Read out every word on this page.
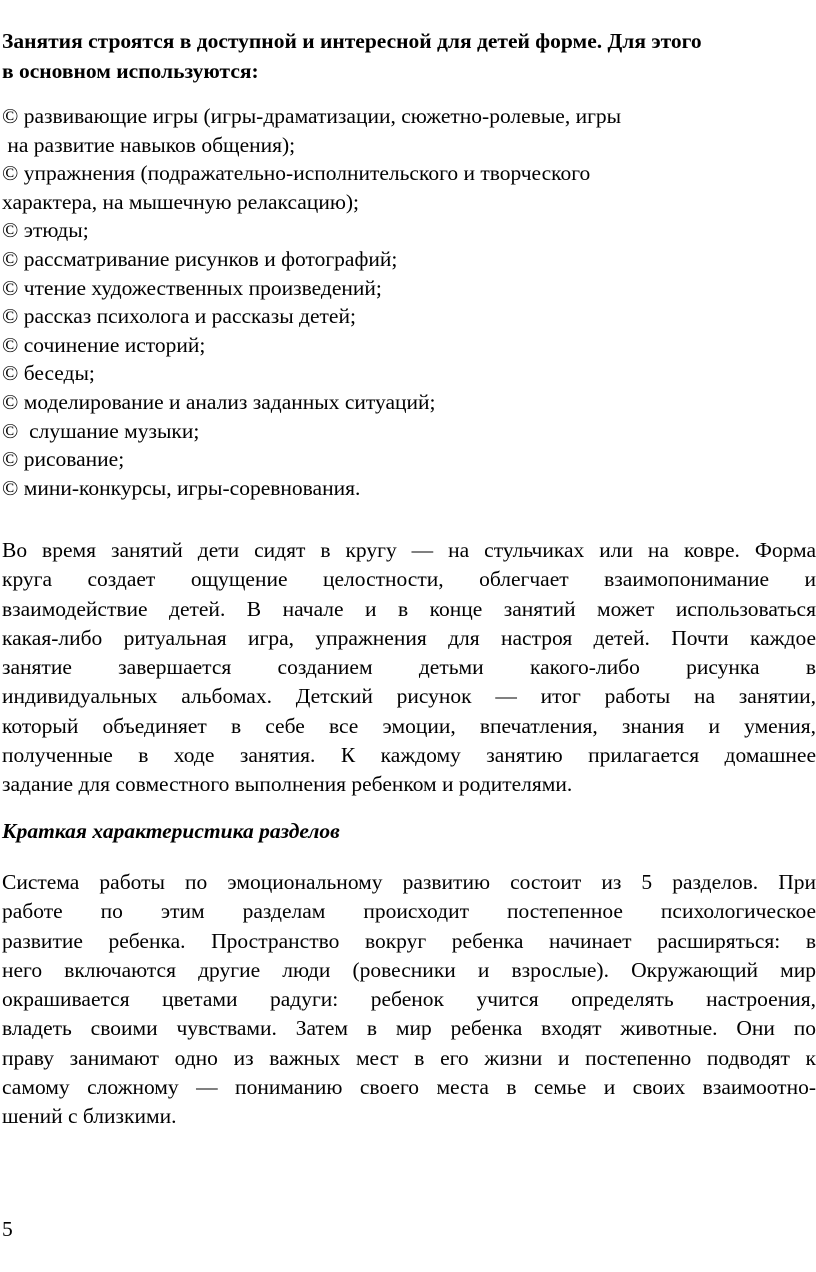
Занятия строятся в доступной и интересной для детей форме. Для этого
в основном используются:
© развивающие игры (игры-драматизации, сюжетно-ролевые, игры
на развитие навыков общения);
© упражнения (подражательно-исполнительского и творческого
характера, на мышечную релаксацию);
© этюды;
© рассматривание рисунков и фотографий;
© чтение художественных произведений;
© рассказ психолога и рассказы детей;
© сочинение историй;
© беседы;
© моделирование и анализ заданных ситуаций;
©  слушание музыки;
© рисование;
© мини-конкурсы, игры-соревнования.
Во время занятий дети сидят в кругу — на стульчиках или на ковре. Форма
круга создает ощущение целостности, облегчает взаимопонимание и
взаимодействие детей. В начале и в конце занятий может использоваться
какая-либо ритуальная игра, упражнения для настроя детей. Почти каждое
занятие завершается созданием детьми какого-либо рисунка в
индивидуальных альбомах. Детский рисунок — итог работы на занятии,
который объединяет в себе все эмоции, впечатления, знания и умения,
полученные в ходе занятия. К каждому занятию прилагается домашнее
задание для совместного выполнения ребенком и родителями.
Краткая характеристика разделов
Система работы по эмоциональному развитию состоит из 5 разделов. При
работе по этим разделам происходит постепенное психологическое
развитие ребенка. Пространство вокруг ребенка начинает расширяться: в
него включаются другие люди (ровесники и взрослые). Окружающий мир
окрашивается цветами радуги: ребенок учится определять настроения,
владеть своими чувствами. Затем в мир ребенка входят животные. Они по
праву занимают одно из важных мест в его жизни и постепенно подводят к
самому сложному — пониманию своего места в семье и своих взаимоотно-
шений с близкими.
5
